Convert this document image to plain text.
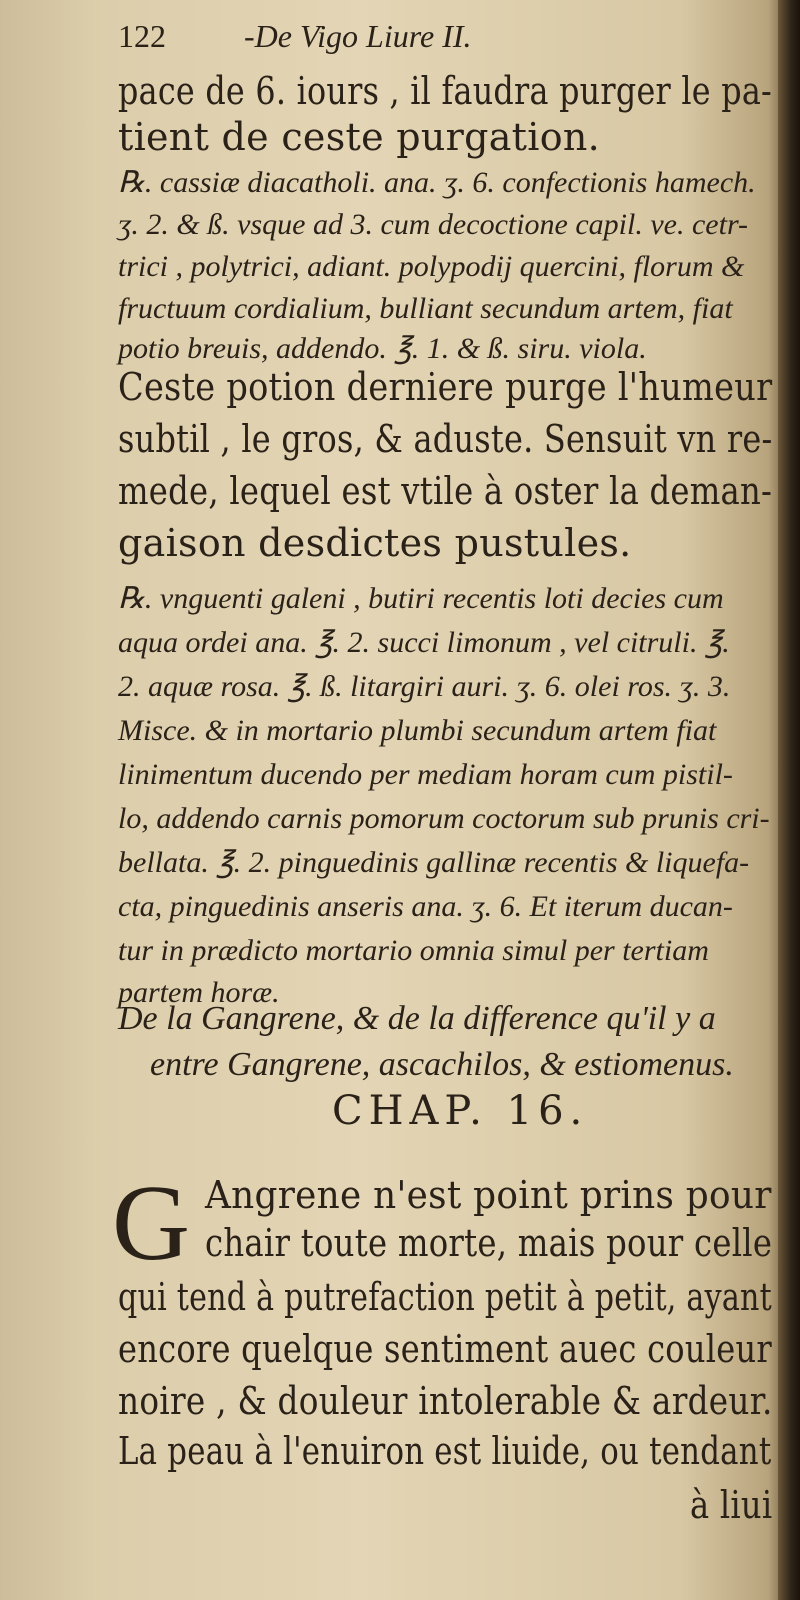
122 -De Vigo Liure II.
pace de 6. iours , il faudra purger le pa-
tient de ceste purgation.
℞. cassiæ diacatholi. ana. ʒ. 6. confectionis hamech.
ʒ. 2. & ß. vsque ad 3. cum decoctione capil. ve. cetr-
trici , polytrici, adiant. polypodij quercini, florum &
fructuum cordialium, bulliant secundum artem, fiat
potio breuis, addendo. ℥. 1. & ß. siru. viola.
Ceste potion derniere purge l'humeur
subtil , le gros, & aduste. Sensuit vn re-
mede, lequel est vtile à oster la deman-
gaison desdictes pustules.
℞. vnguenti galeni , butiri recentis loti decies cum
aqua ordei ana. ℥. 2. succi limonum , vel citruli. ℥.
2. aquæ rosa. ℥. ß. litargiri auri. ʒ. 6. olei ros. ʒ. 3.
Misce. & in mortario plumbi secundum artem fiat
linimentum ducendo per mediam horam cum pistil-
lo, addendo carnis pomorum coctorum sub prunis cri-
bellata. ℥. 2. pinguedinis gallinæ recentis & liquefa-
cta, pinguedinis anseris ana. ʒ. 6. Et iterum ducan-
tur in prædicto mortario omnia simul per tertiam
partem horæ.
De la Gangrene, & de la difference qu'il y a
entre Gangrene, ascachilos, & estiomenus.
CHAP. 16.
G Angrene n'est point prins pour
chair toute morte, mais pour celle
qui tend à putrefaction petit à petit, ayant
encore quelque sentiment auec couleur
noire , & douleur intolerable & ardeur.
La peau à l'enuiron est liuide, ou tendant
à liui
